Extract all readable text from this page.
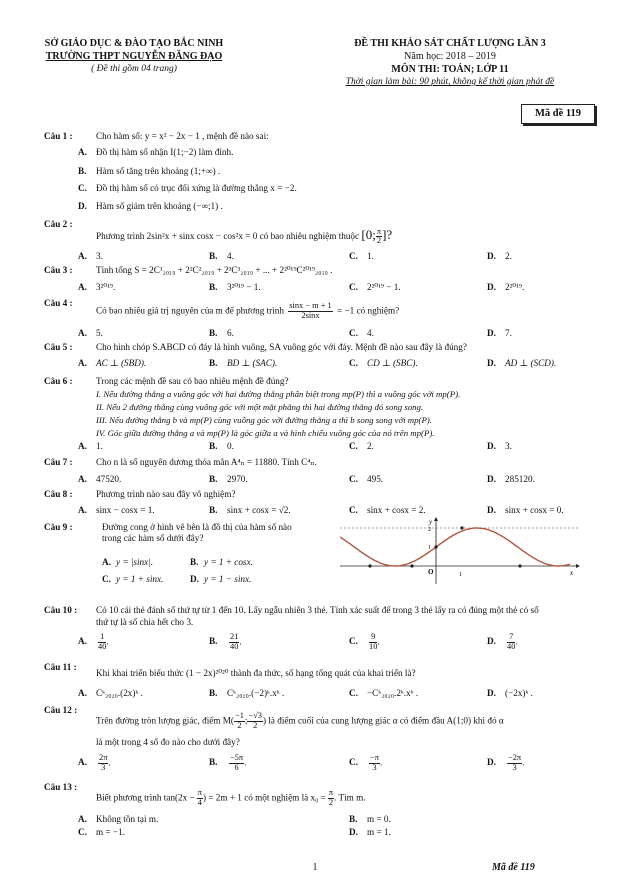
SỞ GIÁO DỤC & ĐÀO TẠO BẮC NINH
TRƯỜNG THPT NGUYỄN ĐĂNG ĐẠO
( Đề thi gồm 04 trang)
ĐỀ THI KHẢO SÁT CHẤT LƯỢNG LẦN 3
Năm học: 2018 – 2019
MÔN THI: TOÁN; LỚP 11
Thời gian làm bài: 90 phút, không kể thời gian phát đề
Mã đề 119
Câu 1 :	Cho hàm số: y = x² − 2x − 1 , mệnh đề nào sai:
A. Đồ thị hàm số nhận I(1;−2) làm đỉnh.
B. Hàm số tăng trên khoảng (1;+∞) .
C. Đồ thị hàm số có trục đối xứng là đường thẳng x = −2.
D. Hàm số giảm trên khoảng (−∞;1) .
Câu 2 :
Phương trình 2sin²x + sinx cosx − cos²x = 0 có bao nhiêu nghiệm thuộc [0; $\frac{\pi}{2}$ ]?
A. 3.	B. 4.	C. 1.	D. 2.
Câu 3 :	Tính tổng S = 2C¹₂₀₁₉ + 2²C²₂₀₁₉ + 2³C³₂₀₁₉ + ... + 2²⁰¹⁹C²⁰¹⁹₂₀₁₉ .
A. 3²⁰¹⁹.	B. 3²⁰¹⁹ − 1.	C. 2²⁰¹⁹ − 1.	D. 2²⁰¹⁹.
Câu 4 :
Có bao nhiêu giá trị nguyên của m để phương trình $\frac{\sin x - m + 1}{2\sin x} = -1$ có nghiệm?
A. 5.	B. 6.	C. 4.	D. 7.
Câu 5 :	Cho hình chóp S.ABCD có đáy là hình vuông, SA vuông góc với đáy. Mệnh đề nào sau đây là đúng?
A. AC ⊥ (SBD).	B. BD ⊥ (SAC).	C. CD ⊥ (SBC).	D. AD ⊥ (SCD).
Câu 6 :	Trong các mệnh đề sau có bao nhiêu mệnh đề đúng?
I. Nếu đường thẳng a vuông góc với hai đường thẳng phân biệt trong mp(P) thì a vuông góc với mp(P).
II. Nếu 2 đường thẳng cùng vuông góc với một mặt phẳng thì hai đường thẳng đó song song.
III. Nếu đường thẳng b và mp(P) cùng vuông góc với đường thẳng a thì b song song với mp(P).
IV. Góc giữa đường thẳng a và mp(P) là góc giữa a và hình chiếu vuông góc của nó trên mp(P).
A. 1.	B. 0.	C. 2.	D. 3.
Câu 7 :	Cho n là số nguyên dương thỏa mãn A⁴ₙ = 11880. Tính C⁴ₙ.
A. 47520.	B. 2970.	C. 495.	D. 285120.
Câu 8 :	Phương trình nào sau đây vô nghiệm?
A. sinx − cosx = 1.	B. sinx + cosx = √2.	C. sinx + cosx = 2.	D. sinx + cosx = 0.
Câu 9 :	Đường cong ở hình vẽ bên là đồ thị của hàm số nào
trong các hàm số dưới đây?
A. y = |sinx|.	B. y = 1 + cosx.
C. y = 1 + sinx.	D. y = 1 − sinx.
y
2
1
O	1	x
Câu 10 : Có 10 cái thẻ đánh số thứ tự từ 1 đến 10. Lấy ngẫu nhiên 3 thẻ. Tính xác suất để trong 3 thẻ lấy ra có đúng một thẻ có số
thứ tự là số chia hết cho 3.
A. $\frac{1}{40}$ .	B. $\frac{21}{40}$ .	C. $\frac{9}{10}$ .	D. $\frac{7}{40}$ .
Câu 11 :
Khi khai triển biểu thức (1 − 2x)²⁰²⁰ thành đa thức, số hạng tổng quát của khai triển là?
A. Cᵏ₂₀₂₀.(2x)ᵏ .	B. Cᵏ₂₀₂₀.(−2)ᵏ.xᵏ .	C. −Cᵏ₂₀₂₀.2ᵏ.xᵏ .	D. (−2x)ᵏ .
Câu 12 :
Trên đường tròn lượng giác, điểm $M( \frac{-1}{2}$ ; $\frac{-√3}{2}$ ) là điểm cuối của cung lượng giác α có điểm đầu A(1;0) khi đó α
là một trong 4 số đo nào cho dưới đây?
A. $\frac{2\pi}{3}$ .	B. $\frac{-5\pi}{6}$ .	C. $\frac{-\pi}{3}$ .	D. $\frac{-2\pi}{3}$ .
Câu 13 :
Biết phương trình $\tan(2x - \frac{\pi}{4}$ ) = 2m + 1 có một nghiệm là $x_0 = \frac{\pi}{2}$ . Tìm m.
A. Không tồn tại m.	B. m = 0.
C. m = −1.	D. m = 1.
1	Mã đề 119
